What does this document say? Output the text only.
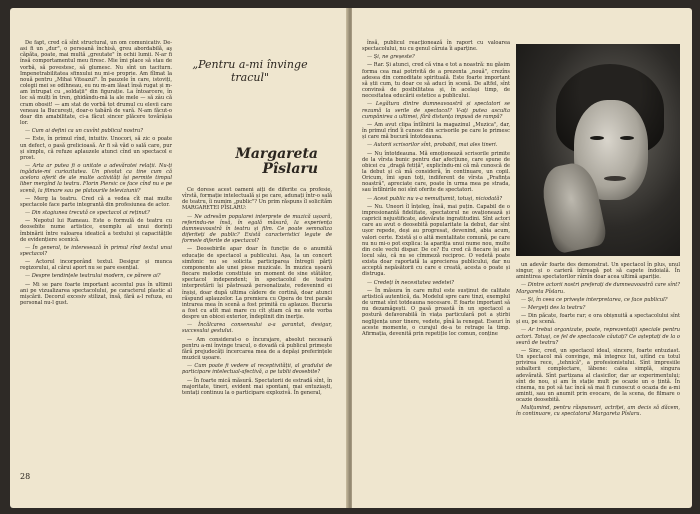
De fapt, cred că sînt structural, un om comunicativ. De-asi fi un „dur", o persoană închisă, greu abordabilă, aş căpăta, poate, mai multă „greutate" în ochii lumii. N-ar fi însă comportamentul meu firesc. Mie îmi place să stau de vorbă, să povestesc, să glumesc. Nu sînt un taciturn. Impenetrabilitatea sfinxului nu mi-e proprie. Am fîlmat la nouă pentru „Mihai Viteazul". În pauzele în care, istoviți, colegii mei se odihneau, eu nu m-am lăsat însă rugat și m-am întrupat cu „soldații" din figurație. La întoarcere, în loc să mulți în tren, ghidându-mă la ale mele — să zâu că cram obosit! — am stat de vorbă tot drumul cu elevii care veneau la București, doar-o tabără de vară. N-am făcut-o doar din amabilitate, ci-a făcut sincer plăcere tovărășia lor.

— Cum ai defini ca un cuvînt publicul nostru?

— Este, în primul rînd, intuitiv. Unocori, să zic o poate un defect, o pasă grelicioasă. Ar fi să văd o sală care, pur și simplu, că refuze aplauzele atunci cînd un spectacol e prost.

— Arta ar putea fi o unitate a adevăratei relații. Nu-ți ingăduie-mi curiozitatea. Un pivotat ca tine cum că acelora oferit de ale multe activități își permite timpul liber mergînd la teatru. Florin Piersic ce face cînd nu e pe scenă, la filmare sau pe platourile televiziunii?

— Merg la teatru. Cred că a vedea cît mai multe spectacole face parte integrantă din profesiunea de actor.

— Din stagiunea trecută ce spectacol ai reținut?

— Nepotul lui Rameau. Este o formulă de teatru cu deosebite nume artistice, exemplu al unui dorinți îmbinării între valoarea ideatică a textului și capacitățile de evidențiere scenică.

— În general, te interesează în primul rînd textul unui spectacol?

— Actorul incorporând textul. Desigur și munca regizorului, al cărui aport nu se pare esențial.

— Despre tendințele teatrului modern, ce părere ai?

— Mi se pare foarte important accentul pus în ultimii ani pe vizualizarea spectacolului, pe caracterul plastic al mișcării. Decorul excesiv stilizat, însă, fără a-l refuza, eu personal nu-l gust.

„Pentru a-mi învinge tracul"
Margareta
Pîslaru

Ce dorese acest oameni aiți de diferite ca profesie, vîrstă, formație intelectuală și pe care, adunați într-o sală de teatru, îi numim „public"? Un prim răspuns îl solicităm MARGARETEI PÎSLARU:

— Ne adresăm popularei interprete de muzică ușoară, referindu-ne însă, în egală măsură, la experiența dumneavoastră în teatru și film. Ce poate semnaliza diferiteți de public? Există caracteristici legate de formele diferite de spectacol?

— Deosebirile apar doar în funcție de o anumită educație de spectacol a publicului. Așa, la un concert simfonic nu se solicita participarea întregii părți componente ale unei piese muzicale. În muzica ușoară fiecare melodie constituie un moment de sine stătător, spectacol independent; în spectacolul de teatru interpretării își păstrează personalizate, redevenind ei înșiși, doar după ultima cădere de cortină, doar atunci răspund aplauzelor. La premiera cu Opera de trei parale intrarea mea în scenă a fost primită cu aplauze. Bucuria a fost cu atît mai mare cu cît știam că nu este vorba despre un obicei exterior, îndeplinit din inerție.

— Încălcarea consensului a-a garantat, desigur, succesului gestului.

— Am considerat-o o încurajare, absolut necesară pentru a-mi învinge tracul, o dovadă că publicul primește fără prejudecăți încercarea mea de a depăși preferințele muzicii ușoare.

— Cum poate fi vedere al receptivității, al gradului de participare intelectual-afectivă, a pe tablii deosebite?

— În foarte mică măsură. Spectatorii de estradă sînt, în majoritate, tineri, evident mai spontani, mai entuziaști, tentați continuu la o participare explozivă. În general,

28

însă, publicul reacționează în raport cu valoarea spectacolului, nu cu genul căruia îi aparține.

— Și, ne greșeste?

— Rar. Și atunci, cred că vina e tot a noastră: nu găsim forma cea mai potrivită de a prezenta „nouă", crezîns adesea din comoditate spirituală. Este foarte important să știi cum, tu doar ce să aduci în scenă. De altfel, sînt convinsă de posibilitatea și, în același timp, de necesitatea educării estetice a publicului.

— Legătura dintre dumneavoastră și spectatori se rezumă la serile de spectacol? V-ați putea asculta cumpănirea a ultimei, fără distanța impusă de rampă?

— Am avut clipa întîlnirii la magazinul „Muzica", dar, în primul rînd îi cunosc din scrisorile pe care le primesc și care mă bucură întotdeauna.

— Autorii scrisorilor sînt, probabil, mai ales tineri.

— Nu întotdeauna. Mă emoționează scrisorile primite de la vîrsta bunic pentru dar afecțiune, care spune de obicei cu „dragă fetiță", explicîndu-mi că mă cunoscă de la debut și că mă consideră, în continuare, un copil. Oricum, îmi spun toți, indiferent de vîrsta „Prafința noastră", apreciate care, poate în urma mea pe strada, sau întîlnirile noi sînt oferite de spectatori.

— Acest public nu v-a nemulțumit, totuși, niciodată?

— Nu. Uneori îl înțeleg, însă, mai puțin. Capabil de o impresionantă fidelitate, spectatorul ne ovaționează și capricii nejustificate, adevărate ingratitudini. Sînt actori care au avut o deosebită popularitate la debut, dar sînt ușor repede, deși au progresat, devenind, abia acum, valori certe. Există și o altă mentalitate comună, pe care nu nu mi-o pot explica: la apariția unui nume nou, multe din cele vechi dispar. De ce? Eu cred că fiecare își are locul său, că nu se cîmmeză reciproc. O vedetă poate exista doar raportată la aprecierea publicului, dar nu acceptă nepăsătorii cu care e creată, acesta o poate și distruga.

— Credeți în necesitatea vedetei?

— În măsura în care mitul este susținut de calitate artistică autentică, da. Modelul spre care tinzi, exemplul de urmat sînt totdeauna necesare. E foarte important să nu dezamăgești. O pasă proastă în un spectacol a postură defavorabilă în viața particulară pot a știrbi neglijența unor tinere, vedete, pînă la renegat. Eseuri în aceste momente, o curajul de-a te retrage la timp. Afirmația, devenită prin repetiție loc comun, conține

un adevăr foarte des demonstrat. Un spectacol în plus, unul singur, și o carieră întreagă pot să capete îndoială. În amintirea spectatorilor rămîn doar acea ultimă apariție.

— Dintre actorii nostri preferați de dumneavoastră care sînt? Margareta Pîslaru.

— Și, în ceea ce privește interpretarea, ce face publicul?

— Mergeți des la teatru?

— Din păcate, foarte rar; e ora obișnuită a spectacolului sînt și eu, pe scenă.

— Ar trebui organizate, poate, reprezentații speciale pentru actori. Totuși, ce fel de spectacole căutați? Ce așteptați de la o seară de teatru?

— Sinc, cred, un spectacol ideal, sincere, foarte entuziast. Un spectacol mă convinge, mă integrez lui, uitînd cu totul privirea rece, „tehnică", a profesionistului. Sînt impresiile subalterii complectare, lăbene: calea simplă, singura adevărată. Sînt partizana al clasicilor, dar ar experimentului; sînt de nou, și am în stație mult pe ocazie un o țintă. În cinema, nu pot să tac încă să mai fi cunoscut o ocazia de a-mi aminti, sau un anumit prin evocare, de la scena, de filmare o ocazie deosebită.

Mulțumind, pentru răspunsuri, actriței, am decis să dăcem, în continuare, cu spectatorul Margareta Pîslaru.
